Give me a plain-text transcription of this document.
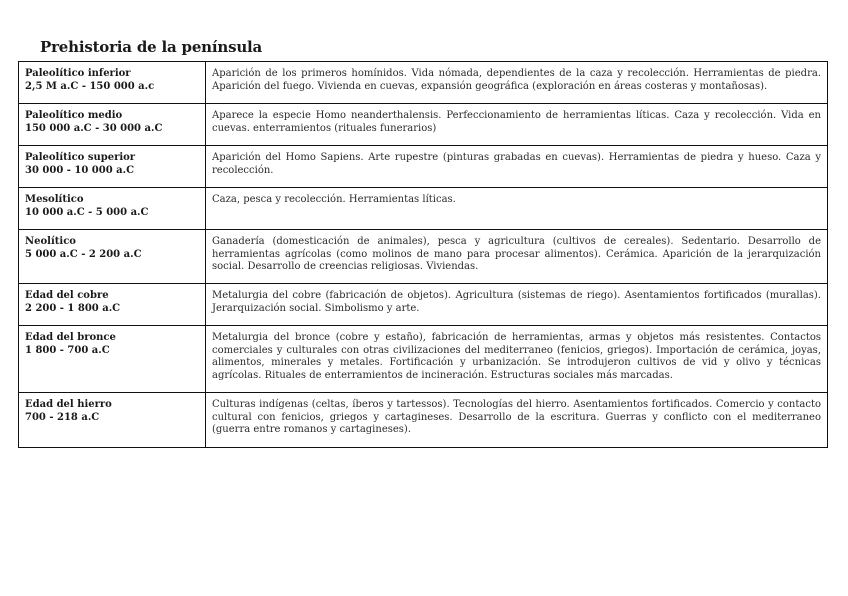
Prehistoria de la península
Paleolítico inferior
2,5 M a.C - 150 000 a.c	Aparición de los primeros homínidos. Vida nómada, dependientes de la caza y recolección. Herramientas de piedra. Aparición del fuego. Vivienda en cuevas, expansión geográfica (exploración en áreas costeras y montañosas).

Paleolítico medio
150 000 a.C - 30 000 a.C	Aparece la especie Homo neanderthalensis. Perfeccionamiento de herramientas líticas. Caza y recolección. Vida en cuevas. enterramientos (rituales funerarios)

Paleolítico superior
30 000 - 10 000 a.C	Aparición del Homo Sapiens. Arte rupestre (pinturas grabadas en cuevas). Herramientas de piedra y hueso. Caza y recolección.

Mesolítico
10 000 a.C - 5 000 a.C	Caza, pesca y recolección. Herramientas líticas.

Neolítico
5 000 a.C - 2 200 a.C	Ganadería (domesticación de animales), pesca y agricultura (cultivos de cereales). Sedentario. Desarrollo de herramientas agrícolas (como molinos de mano para procesar alimentos). Cerámica. Aparición de la jerarquización social. Desarrollo de creencias religiosas. Viviendas.

Edad del cobre
2 200 - 1 800 a.C	Metalurgia del cobre (fabricación de objetos). Agricultura (sistemas de riego). Asentamientos fortificados (murallas). Jerarquización social. Simbolismo y arte.

Edad del bronce
1 800 - 700 a.C	Metalurgia del bronce (cobre y estaño), fabricación de herramientas, armas y objetos más resistentes. Contactos comerciales y culturales con otras civilizaciones del mediterraneo (fenicios, griegos). Importación de cerámica, joyas, alimentos, minerales y metales. Fortificación y urbanización. Se introdujeron cultivos de vid y olivo y técnicas agrícolas. Rituales de enterramientos de incineración. Estructuras sociales más marcadas.

Edad del hierro
700 - 218 a.C	Culturas indígenas (celtas, íberos y tartessos). Tecnologías del hierro. Asentamientos fortificados. Comercio y contacto cultural con fenicios, griegos y cartagineses. Desarrollo de la escritura. Guerras y conflicto con el mediterraneo (guerra entre romanos y cartagineses).
